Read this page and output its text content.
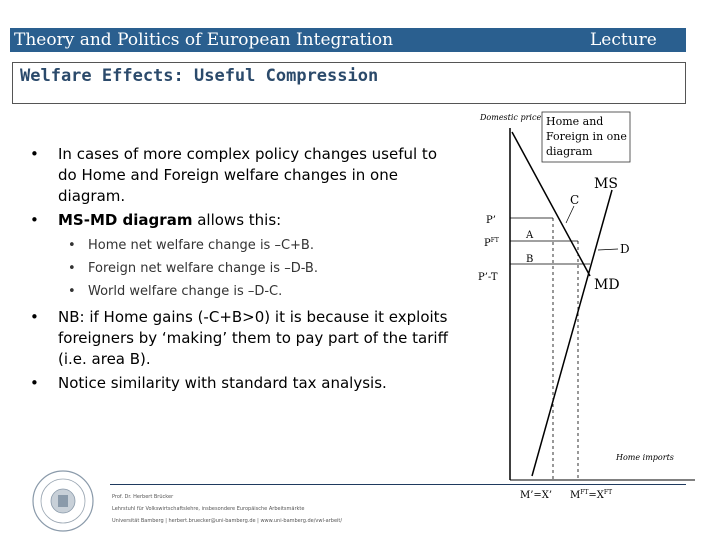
Theory and Politics of European Integration	Lecture
Welfare Effects: Useful Compression
• In cases of more complex policy changes useful to do Home and Foreign welfare changes in one diagram.
• MS-MD diagram allows this:
• Home net welfare change is –C+B.
• Foreign net welfare change is –D-B.
• World welfare change is –D-C.
• NB: if Home gains (-C+B>0) it is because it exploits foreigners by ‘making’ them to pay part of the tariff (i.e. area B).
• Notice similarity with standard tax analysis.
Domestic price Home and Foreign in one diagram
MS
MD
P’
$P^{FT}$
P’-T
A
B
C
D
Home imports
M’=X’ $M^{FT}=X^{FT}$
Prof. Dr. Herbert Brücker
Lehrstuhl für Volkswirtschaftslehre, insbesondere Europäische Arbeitsmärkte
Universität Bamberg | herbert.bruecker@uni-bamberg.de | www.uni-bamberg.de/vwl-arbeit/
